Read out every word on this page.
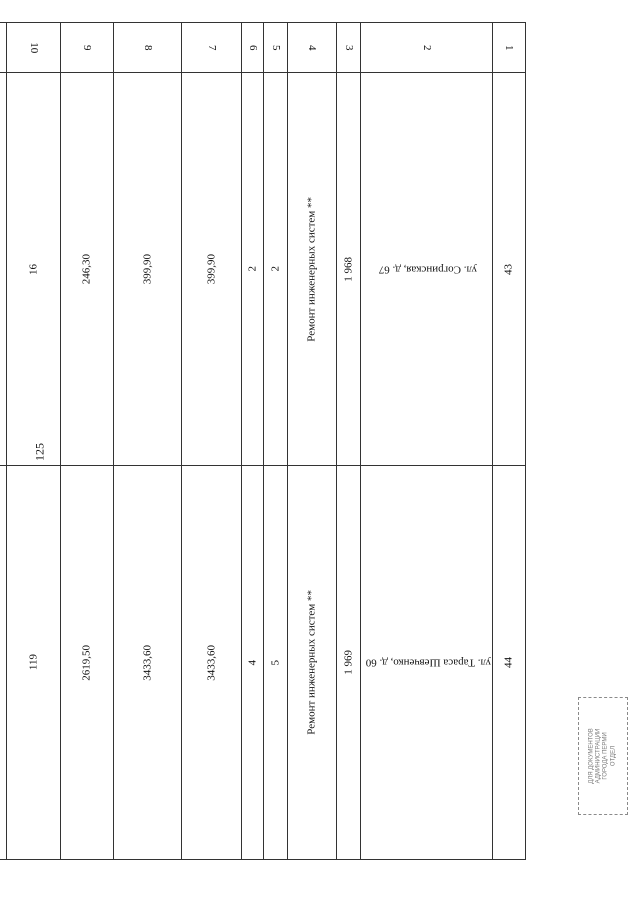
125
1		43	44
2		ул. Согринская, д. 67	ул. Тараса Шевченко, д. 60
3		1 968	1 969
4		Ремонт инженерных систем **	Ремонт инженерных систем **
5		2	5
6		2	4
7		399,90	3433,60
8		399,90	3433,60
9		246,30	2619,50
10		16	119

ДЛЯ ДОКУМЕНТОВ
АДМИНИСТРАЦИИ
ГОРОДА ПЕРМИ
ОТДЕЛ
